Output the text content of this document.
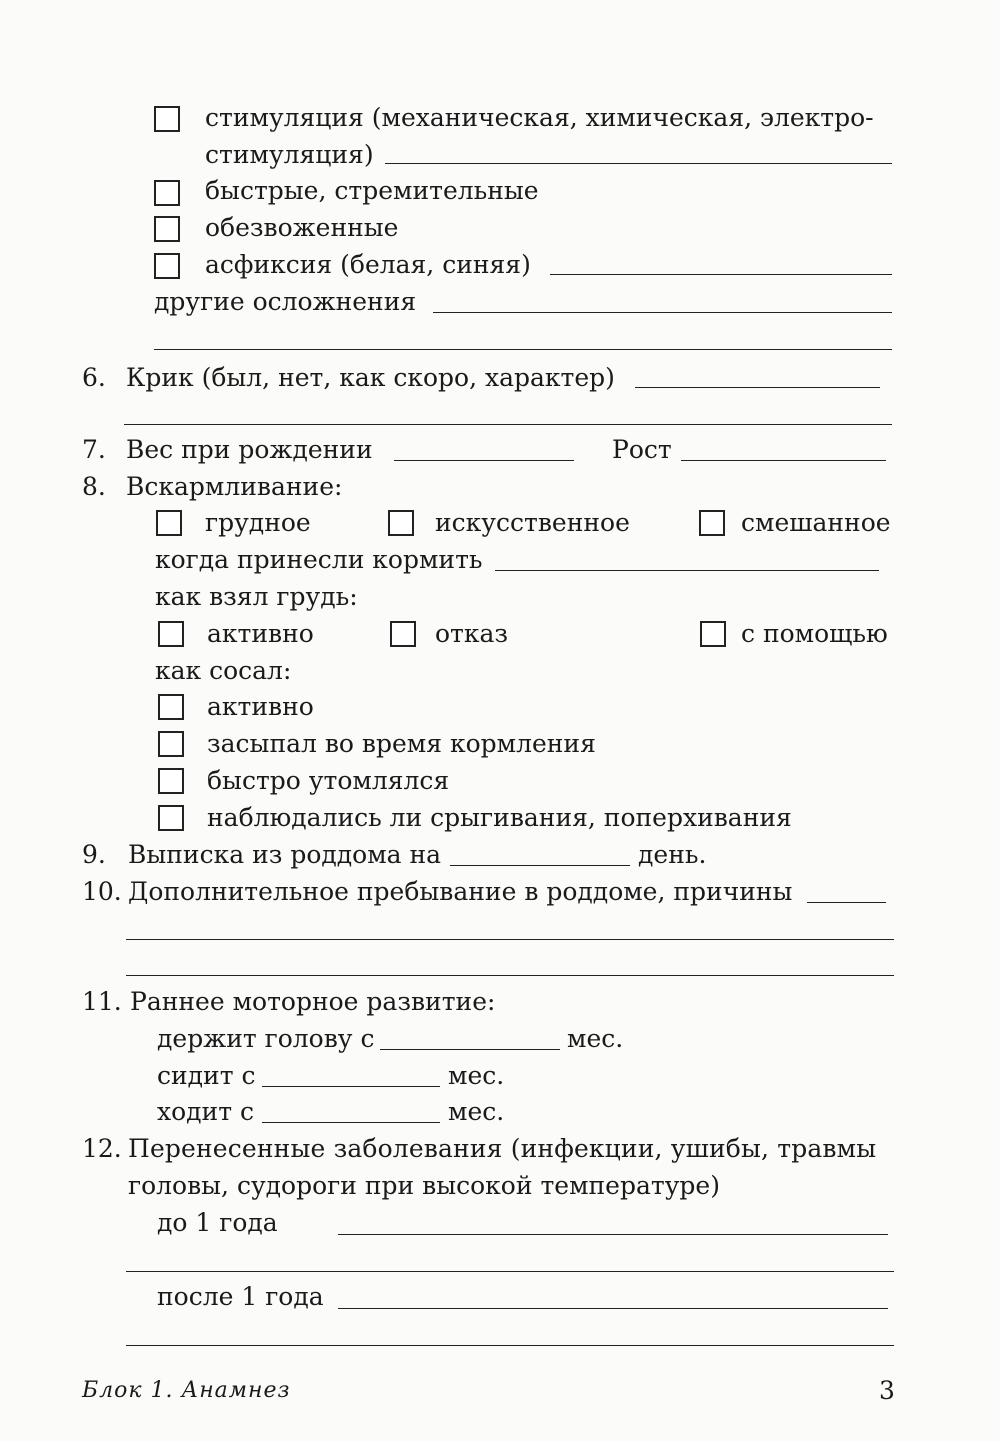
стимуляция (механическая, химическая, электро-
стимуляция)
быстрые, стремительные
обезвоженные
асфиксия (белая, синяя)
другие осложнения
6. Крик (был, нет, как скоро, характер)
7. Вес при рождении	Рост
8. Вскармливание:
грудное	искусственное	смешанное
когда принесли кормить
как взял грудь:
активно	отказ	с помощью
как сосал:
активно
засыпал во время кормления
быстро утомлялся
наблюдались ли срыгивания, поперхивания
9. Выписка из роддома на	день.
10. Дополнительное пребывание в роддоме, причины
11. Раннее моторное развитие:
держит голову с	мес.
сидит с	мес.
ходит с	мес.
12. Перенесенные заболевания (инфекции, ушибы, травмы
головы, судороги при высокой температуре)
до 1 года
после 1 года
Блок 1. Анамнез	3
